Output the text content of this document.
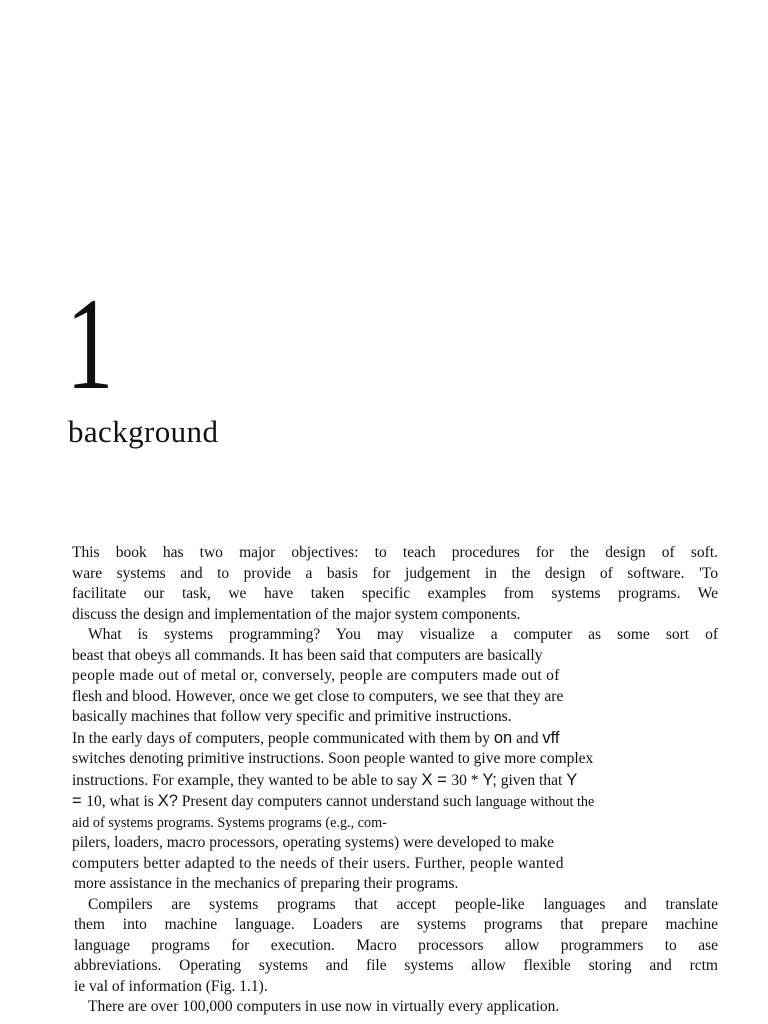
1
background
This book has two major objectives: to teach procedures for the design of soft.
ware systems and to provide a basis for judgement in the design of software. 'To
facilitate our task, we have taken specific examples from systems programs. We
discuss the design and implementation of the major system components.
What is systems programming? You may visualize a computer as some sort of
beast that obeys all commands. It has been said that computers are basically
people made out of metal or, conversely, people are computers made out of
flesh and blood. However, once we get close to computers, we see that they are
basically machines that follow very specific and primitive instructions.
In the early days of computers, people communicated with them by on and vff
switches denoting primitive instructions. Soon people wanted to give more complex
instructions. For example, they wanted to be able to say X = 30 * Y; given that Y
= 10, what is X? Present day computers cannot understand such language without the
aid of systems programs. Systems programs (e.g., com-
pilers, loaders, macro processors, operating systems) were developed to make
computers better adapted to the needs of their users. Further, people wanted
more assistance in the mechanics of preparing their programs.
Compilers are systems programs that accept people-like languages and translate
them into machine language. Loaders are systems programs that prepare machine
language programs for execution. Macro processors allow programmers to ase
abbreviations. Operating systems and file systems allow flexible storing and rctm
ie val of information (Fig. 1.1).
There are over 100,000 computers in use now in virtually every application.
